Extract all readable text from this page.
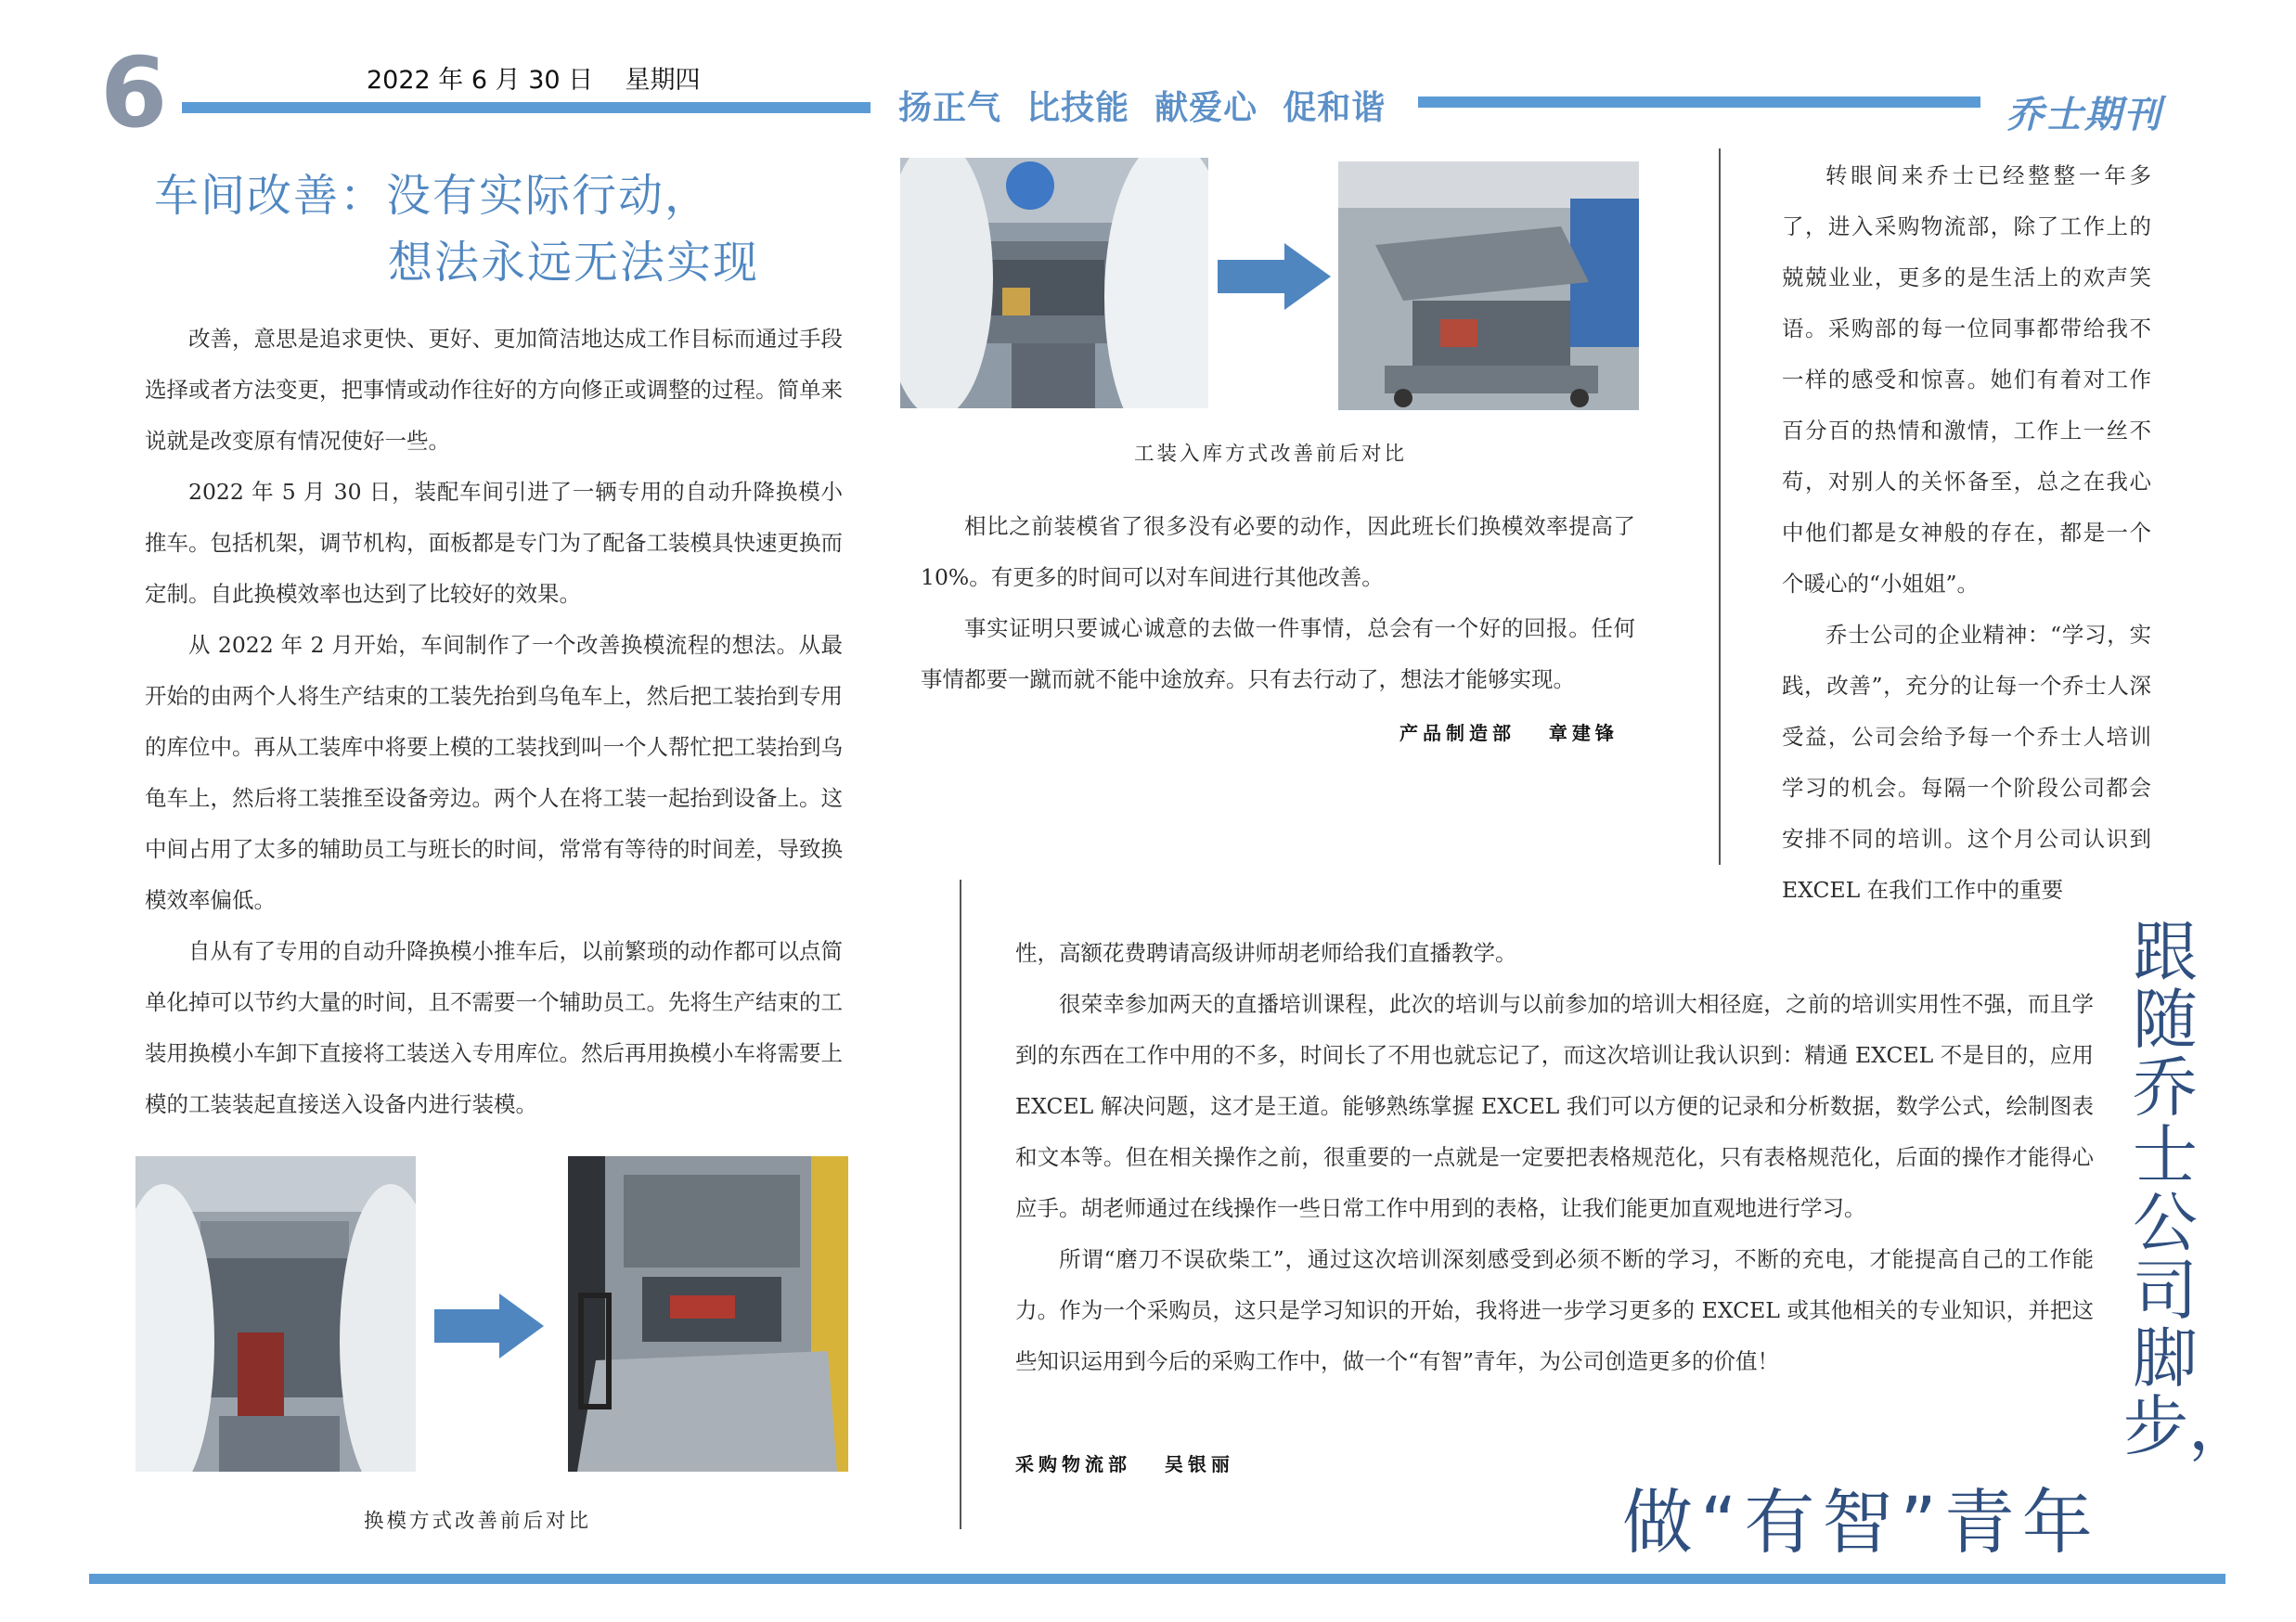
6	2022 年 6 月 30 日    星期四
扬正气  比技能  献爱心  促和谐	乔士期刊
车间改善：没有实际行动，
想法永远无法实现

改善，意思是追求更快、更好、更加简洁地达成工作目标而通过手段选择或者方法变更，把事情或动作往好的方向修正或调整的过程。简单来说就是改变原有情况使好一些。

2022 年 5 月 30 日，装配车间引进了一辆专用的自动升降换模小推车。包括机架，调节机构，面板都是专门为了配备工装模具快速更换而定制。自此换模效率也达到了比较好的效果。

从 2022 年 2 月开始，车间制作了一个改善换模流程的想法。从最开始的由两个人将生产结束的工装先抬到乌龟车上，然后把工装抬到专用的库位中。再从工装库中将要上模的工装找到叫一个人帮忙把工装抬到乌龟车上，然后将工装推至设备旁边。两个人在将工装一起抬到设备上。这中间占用了太多的辅助员工与班长的时间，常常有等待的时间差，导致换模效率偏低。

自从有了专用的自动升降换模小推车后，以前繁琐的动作都可以点简单化掉可以节约大量的时间，且不需要一个辅助员工。先将生产结束的工装用换模小车卸下直接将工装送入专用库位。然后再用换模小车将需要上模的工装装起直接送入设备内进行装模。

工装入库方式改善前后对比

相比之前装模省了很多没有必要的动作，因此班长们换模效率提高了 10%。有更多的时间可以对车间进行其他改善。

事实证明只要诚心诚意的去做一件事情，总会有一个好的回报。任何事情都要一蹴而就不能中途放弃。只有去行动了，想法才能够实现。

产品制造部   章建锋
换模方式改善前后对比

转眼间来乔士已经整整一年多了，进入采购物流部，除了工作上的兢兢业业，更多的是生活上的欢声笑语。采购部的每一位同事都带给我不一样的感受和惊喜。她们有着对工作百分百的热情和激情，工作上一丝不苟，对别人的关怀备至，总之在我心中他们都是女神般的存在，都是一个个暖心的“小姐姐”。

乔士公司的企业精神：“学习，实践，改善”，充分的让每一个乔士人深受益，公司会给予每一个乔士人培训学习的机会。每隔一个阶段公司都会安排不同的培训。这个月公司认识到 EXCEL 在我们工作中的重要

性，高额花费聘请高级讲师胡老师给我们直播教学。

很荣幸参加两天的直播培训课程，此次的培训与以前参加的培训大相径庭，之前的培训实用性不强，而且学到的东西在工作中用的不多，时间长了不用也就忘记了，而这次培训让我认识到：精通 EXCEL 不是目的，应用 EXCEL 解决问题，这才是王道。能够熟练掌握 EXCEL 我们可以方便的记录和分析数据，数学公式，绘制图表和文本等。但在相关操作之前，很重要的一点就是一定要把表格规范化，只有表格规范化，后面的操作才能得心应手。胡老师通过在线操作一些日常工作中用到的表格，让我们能更加直观地进行学习。

所谓“磨刀不误砍柴工”，通过这次培训深刻感受到必须不断的学习，不断的充电，才能提高自己的工作能力。作为一个采购员，这只是学习知识的开始，我将进一步学习更多的 EXCEL 或其他相关的专业知识，并把这些知识运用到今后的采购工作中，做一个“有智”青年，为公司创造更多的价值！

采购物流部   吴银丽
跟随乔士公司脚步，
做“有智”青年
